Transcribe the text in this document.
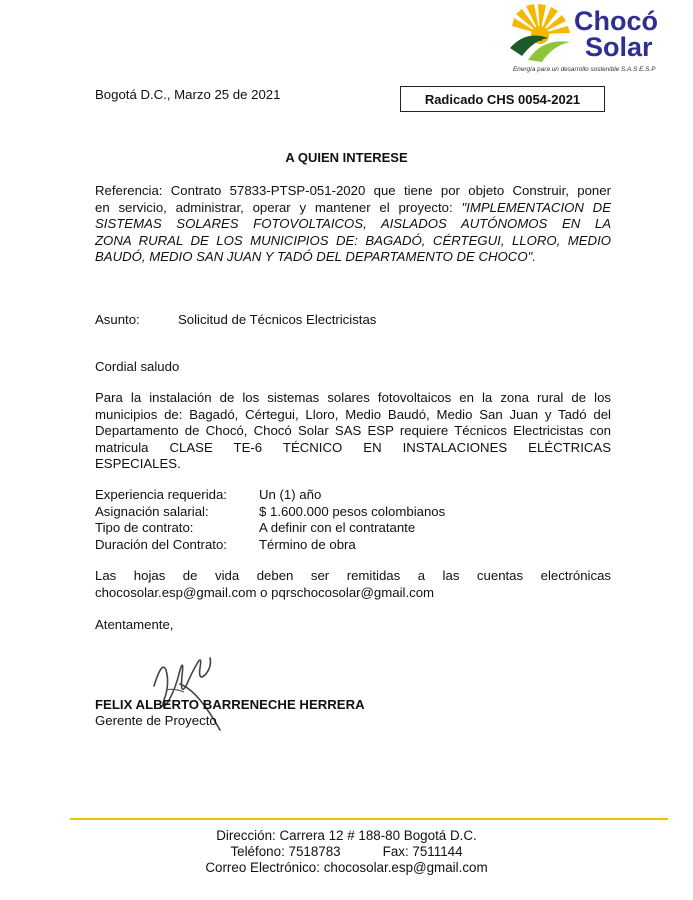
Chocó
Solar
Energía para un desarrollo sostenible S.A.S E.S.P
Bogotá D.C., Marzo 25 de 2021	Radicado CHS 0054-2021
A QUIEN INTERESE
Referencia: Contrato 57833-PTSP-051-2020 que tiene por objeto Construir, poner
en servicio, administrar, operar y mantener el proyecto: "IMPLEMENTACION DE
SISTEMAS SOLARES FOTOVOLTAICOS, AISLADOS AUTÓNOMOS EN LA
ZONA RURAL DE LOS MUNICIPIOS DE: BAGADÓ, CÉRTEGUI, LLORO, MEDIO
BAUDÓ, MEDIO SAN JUAN Y TADÓ DEL DEPARTAMENTO DE CHOCO".
Asunto:	Solicitud de Técnicos Electricistas
Cordial saludo
Para la instalación de los sistemas solares fotovoltaicos en la zona rural de los
municipios de: Bagadó, Cértegui, Lloro, Medio Baudó, Medio San Juan y Tadó del
Departamento de Chocó, Chocó Solar SAS ESP requiere Técnicos Electricistas con
matricula CLASE TE-6 TÉCNICO EN INSTALACIONES ELÉCTRICAS
ESPECIALES.
Experiencia requerida:	Un (1) año
Asignación salarial:	$ 1.600.000 pesos colombianos
Tipo de contrato:	A definir con el contratante
Duración del Contrato:	Término de obra
Las hojas de vida deben ser remitidas a las cuentas electrónicas
chocosolar.esp@gmail.com o pqrschocosolar@gmail.com
Atentamente,
FELIX ALBERTO BARRENECHE HERRERA
Gerente de Proyecto
Dirección: Carrera 12 # 188-80 Bogotá D.C.
Teléfono: 7518783	Fax: 7511144
Correo Electrónico: chocosolar.esp@gmail.com
